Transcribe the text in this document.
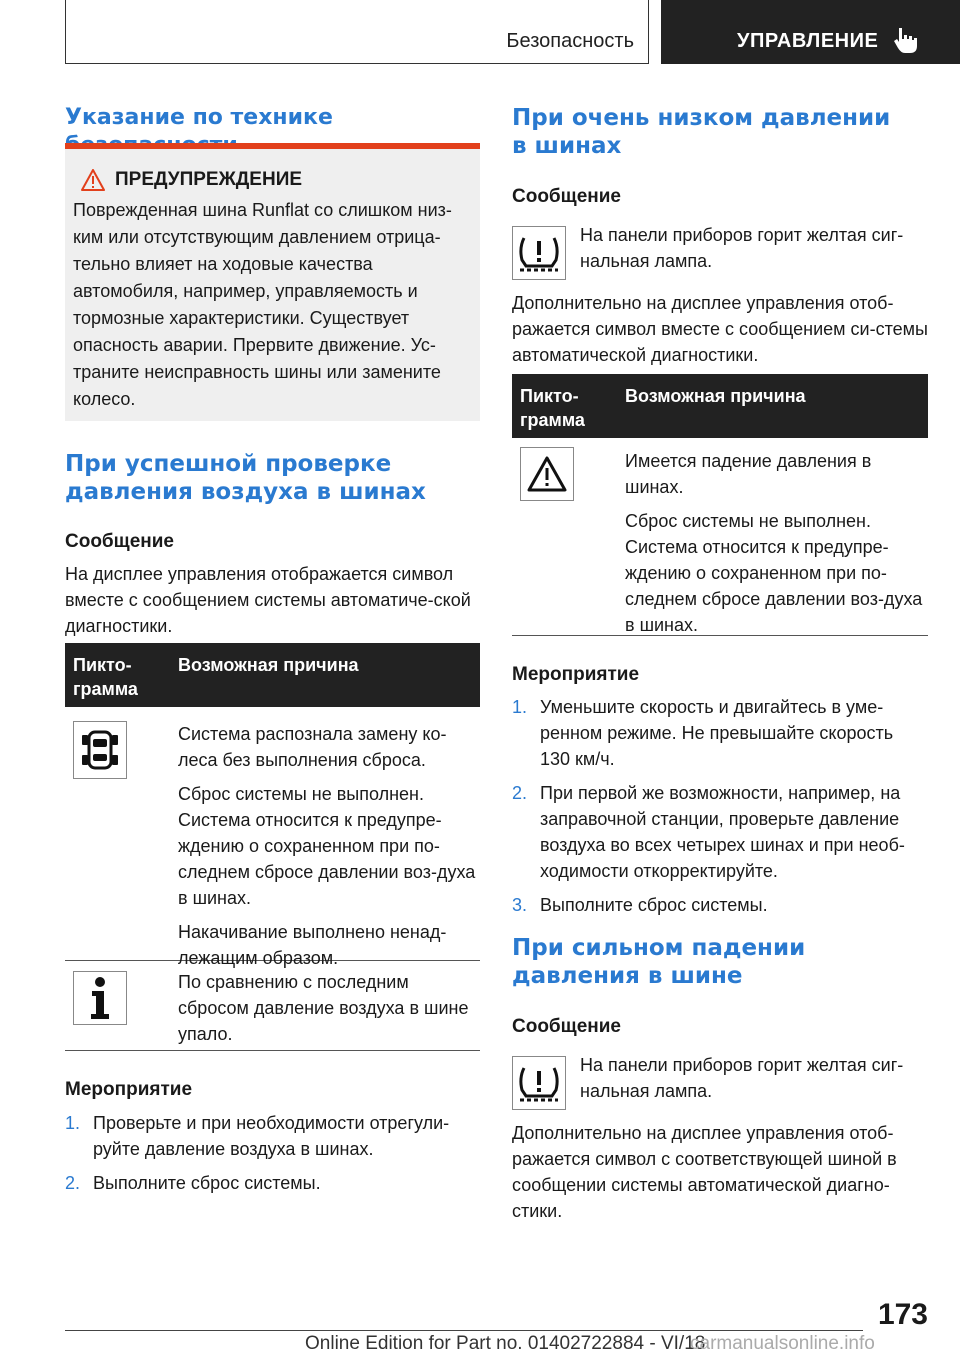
Безопасность	УПРАВЛЕНИЕ
Указание по технике
ПРЕДУПРЕЖДЕНИЕ

Поврежденная шина Runflat со слишком низ-ким или отсутствующим давлением отрица-тельно влияет на ходовые качества автомобиля, например, управляемость и тормозные характеристики. Существует опасность аварии. Прервите движение. Ус-траните неисправность шины или замените колесо.

При успешной проверке давления воздуха в шинах

Сообщение

На дисплее управления отображается символ вместе с сообщением системы автоматиче-ской диагностики.

Пикто-грамма
Возможная причина

Система распознала замену ко-леса без выполнения сброса.

Сброс системы не выполнен. Система относится к предупре-ждению о сохраненном при по-следнем сбросе давлении воз-духа в шинах.

Накачивание выполнено ненад-лежащим образом.

По сравнению с последним сбросом давление воздуха в шине упало.

Мероприятие

1. Проверьте и при необходимости отрегули-руйте давление воздуха в шинах.
2. Выполните сброс системы.
При очень низком давлении в шинах

Сообщение

На панели приборов горит желтая сиг-нальная лампа.

Дополнительно на дисплее управления отоб-ражается символ вместе с сообщением си-стемы автоматической диагностики.

Пикто-грамма
Возможная причина

Имеется падение давления в шинах.

Сброс системы не выполнен. Система относится к предупре-ждению о сохраненном при по-следнем сбросе давлении воз-духа в шинах.

Мероприятие

1. Уменьшите скорость и двигайтесь в уме-ренном режиме. Не превышайте скорость 130 км/ч.
2. При первой же возможности, например, на заправочной станции, проверьте давление воздуха во всех четырех шинах и при необ-ходимости откорректируйте.
3. Выполните сброс системы.
При сильном падении давления в шине

Сообщение

На панели приборов горит желтая сиг-нальная лампа.

Дополнительно на дисплее управления отоб-ражается символ с соответствующей шиной в сообщении системы автоматической диагно-стики.

173
Online Edition for Part no. 01402722884 - VI/18
carmanualsonline.info
